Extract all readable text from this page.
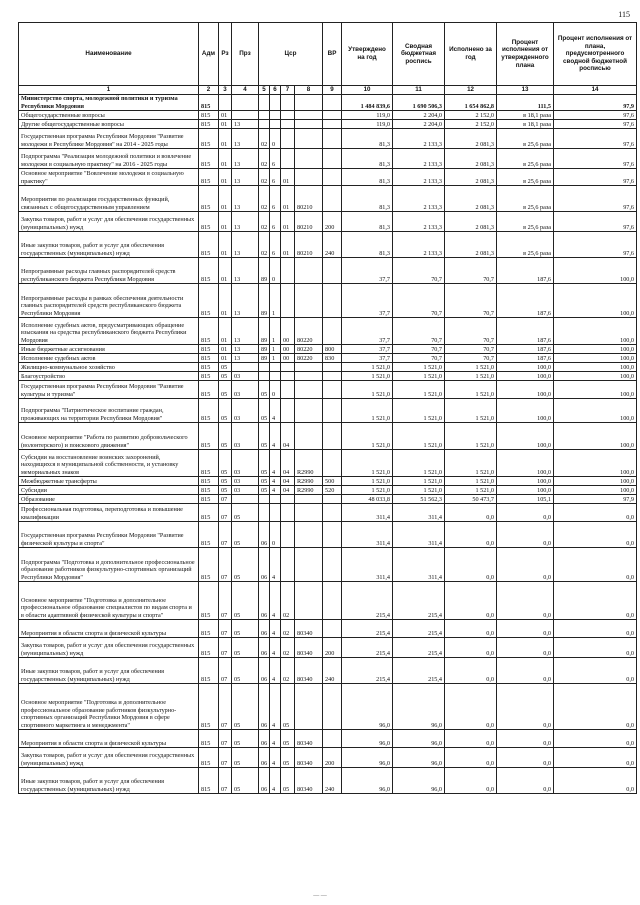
115
Наименование	Адм	Рз	Прз	Цср				ВР	Утверждено на год	Сводная бюджетная роспись	Исполнено за год	Процент исполнения от утвержденного плана	Процент исполнения от плана, предусмотренного сводной бюджетной росписью
1	2	3	4	5	6	7	8	9	10	11	12	13	14
Министерство спорта, молодежной политики и туризма Республики Мордовия	815								1 484 839,6	1 690 506,3	1 654 862,8	111,5	97,9
Общегосударственные вопросы	815	01							119,0	2 204,0	2 152,0	в 18,1 раза	97,6
Другие общегосударственные вопросы	815	01	13						119,0	2 204,0	2 152,0	в 18,1 раза	97,6
Государственная программа Республики Мордовия "Развитие молодежи в Республике Мордовия" на 2014 - 2025 годы	815	01	13	02	0				81,3	2 133,3	2 081,3	в 25,6 раза	97,6
Подпрограмма "Реализация молодежной политики и вовлечение молодежи в социальную практику" на 2016 - 2025 годы	815	01	13	02	6				81,3	2 133,3	2 081,3	в 25,6 раза	97,6
Основное мероприятие "Вовлечение молодежи в социальную практику"	815	01	13	02	6	01			81,3	2 133,3	2 081,3	в 25,6 раза	97,6
Мероприятия по реализации государственных функций, связанных с общегосударственным управлением	815	01	13	02	6	01	80210		81,3	2 133,3	2 081,3	в 25,6 раза	97,6
Закупка товаров, работ и услуг для обеспечения государственных (муниципальных) нужд	815	01	13	02	6	01	80210	200	81,3	2 133,3	2 081,3	в 25,6 раза	97,6
Иные закупки товаров, работ и услуг для обеспечения государственных (муниципальных) нужд	815	01	13	02	6	01	80210	240	81,3	2 133,3	2 081,3	в 25,6 раза	97,6
Непрограммные расходы главных распорядителей средств республиканского бюджета Республики Мордовия	815	01	13	89	0				37,7	70,7	70,7	187,6	100,0
Непрограммные расходы в рамках обеспечения деятельности главных распорядителей средств республиканского бюджета Республики Мордовия	815	01	13	89	1				37,7	70,7	70,7	187,6	100,0
Исполнение судебных актов, предусматривающих обращение взыскания на средства республиканского бюджета Республики Мордовия	815	01	13	89	1	00	80220		37,7	70,7	70,7	187,6	100,0
Иные бюджетные ассигнования	815	01	13	89	1	00	80220	800	37,7	70,7	70,7	187,6	100,0
Исполнение судебных актов	815	01	13	89	1	00	80220	830	37,7	70,7	70,7	187,6	100,0
Жилищно-коммунальное хозяйство	815	05							1 521,0	1 521,0	1 521,0	100,0	100,0
Благоустройство	815	05	03						1 521,0	1 521,0	1 521,0	100,0	100,0
Государственная программа Республики Мордовия "Развитие культуры и туризма"	815	05	03	05	0				1 521,0	1 521,0	1 521,0	100,0	100,0
Подпрограмма "Патриотическое воспитание граждан, проживающих на территории Республики Мордовия"	815	05	03	05	4				1 521,0	1 521,0	1 521,0	100,0	100,0
Основное мероприятие "Работа по развитию добровольческого (волонтерского) и поискового движения"	815	05	03	05	4	04			1 521,0	1 521,0	1 521,0	100,0	100,0
Субсидии на восстановление воинских захоронений, находящихся в муниципальной собственности, и установку мемориальных знаков	815	05	03	05	4	04	R2990		1 521,0	1 521,0	1 521,0	100,0	100,0
Межбюджетные трансферты	815	05	03	05	4	04	R2990	500	1 521,0	1 521,0	1 521,0	100,0	100,0
Субсидии	815	05	03	05	4	04	R2990	520	1 521,0	1 521,0	1 521,0	100,0	100,0
Образование	815	07							48 033,8	51 562,3	50 473,7	105,1	97,9
Профессиональная подготовка, переподготовка и повышение квалификации	815	07	05						311,4	311,4	0,0	0,0	0,0
Государственная программа Республики Мордовия "Развитие физической культуры и спорта"	815	07	05	06	0				311,4	311,4	0,0	0,0	0,0
Подпрограмма "Подготовка и дополнительное профессиональное образование работников физкультурно-спортивных организаций Республики Мордовия"	815	07	05	06	4				311,4	311,4	0,0	0,0	0,0
Основное мероприятие "Подготовка и дополнительное профессиональное образование специалистов по видам спорта и в области адаптивной физической культуры и спорта"	815	07	05	06	4	02			215,4	215,4	0,0	0,0	0,0
Мероприятия в области спорта и физической культуры	815	07	05	06	4	02	80340		215,4	215,4	0,0	0,0	0,0
Закупка товаров, работ и услуг для обеспечения государственных (муниципальных) нужд	815	07	05	06	4	02	80340	200	215,4	215,4	0,0	0,0	0,0
Иные закупки товаров, работ и услуг для обеспечения государственных (муниципальных) нужд	815	07	05	06	4	02	80340	240	215,4	215,4	0,0	0,0	0,0
Основное мероприятие "Подготовка и дополнительное профессиональное образование работников физкультурно-спортивных организаций Республики Мордовия в сфере спортивного маркетинга и менеджмента"	815	07	05	06	4	05			96,0	96,0	0,0	0,0	0,0
Мероприятия в области спорта и физической культуры	815	07	05	06	4	05	80340		96,0	96,0	0,0	0,0	0,0
Закупка товаров, работ и услуг для обеспечения государственных (муниципальных) нужд	815	07	05	06	4	05	80340	200	96,0	96,0	0,0	0,0	0,0
Иные закупки товаров, работ и услуг для обеспечения государственных (муниципальных) нужд	815	07	05	06	4	05	80340	240	96,0	96,0	0,0	0,0	0,0
— —
